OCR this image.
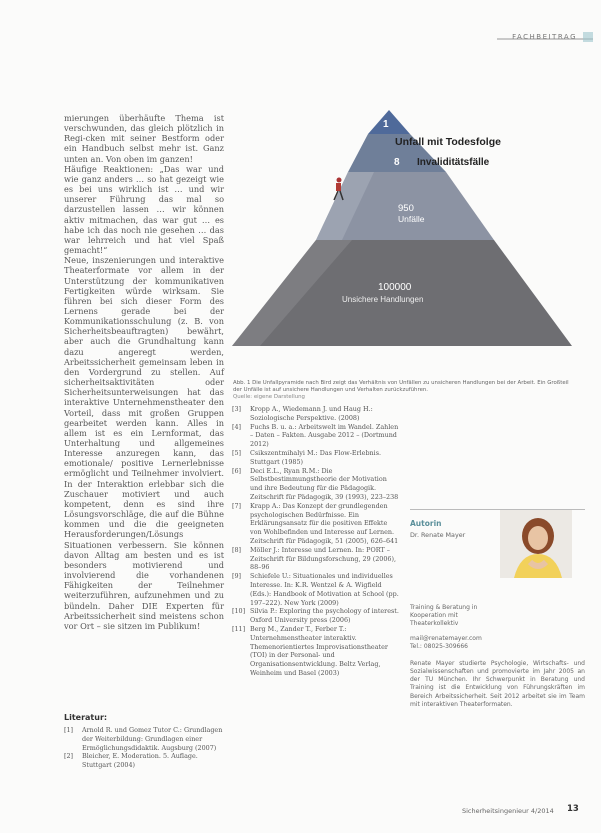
FACHBEITRAG

mierungen überhäufte Thema ist verschwunden, das gleich plötzlich in Regi-cken mit seiner Bestform oder ein Handbuch selbst mehr ist. Ganz unten an. Von oben im ganzen!

Häufige Reaktionen: „Das war und wie ganz anders … so hat gezeigt wie es bei uns wirklich ist … und wir unserer Führung das mal so darzustellen lassen … wir können aktiv mitmachen, das war gut … es habe ich das noch nie gesehen … das war lehrreich und hat viel Spaß gemacht!“

Neue, inszenierungen und interaktive Theaterformate vor allem in der Unterstützung der kommunikativen Fertigkeiten würde wirksam. Sie führen bei sich dieser Form des Lernens gerade bei der Kommunikationsschulung (z. B. von Sicherheitsbeauftragten) bewährt, aber auch die Grundhaltung kann dazu angeregt werden, Arbeitssicherheit gemeinsam leben in den Vordergrund zu stellen. Auf sicherheitsaktivitäten oder Sicherheitsunterweisungen hat das interaktive Unternehmenstheater den Vorteil, dass mit großen Gruppen gearbeitet werden kann. Alles in allem ist es ein Lernformat, das Unterhaltung und allgemeines Interesse anzuregen kann, das emotionale/ positive Lernerlebnisse ermöglicht und Teilnehmer involviert. In der Interaktion erlebbar sich die Zuschauer motiviert und auch kompetent, denn es sind ihre Lösungsvorschläge, die auf die Bühne kommen und die die geeigneten Herausforderungen/Lösungs Situationen verbessern. Sie können davon Alltag am besten und es ist besonders motivierend und involvierend die vorhandenen Fähigkeiten der Teilnehmer weiterzuführen, aufzunehmen und zu bündeln. Daher DIE Experten für Arbeitssicherheit sind meistens schon vor Ort – sie sitzen im Publikum!

1
Unfall mit Todesfolge
8 Invaliditätsfälle
950
Unfälle
100000
Unsichere Handlungen
Abb. 1 Die Unfallpyramide nach Bird zeigt das Verhältnis von Unfällen zu unsicheren Handlungen bei der Arbeit. Ein Großteil der Unfälle ist auf unsichere Handlungen und Verhalten zurückzuführen.
Quelle: eigene Darstellung
Literatur:
[1] Arnold R. und Gomez Tutor C.: Grundlagen der Weiterbildung: Grundlagen einer Ermöglichungsdidaktik. Augsburg (2007)
[2] Bleicher, E. Moderation. 5. Auflage. Stuttgart (2004)
[3] Kropp A., Wiedemann J. und Haug H.: Soziologische Perspektive. (2008)
[4] Fuchs B. u. a.: Arbeitswelt im Wandel. Zahlen – Daten – Fakten. Ausgabe 2012 – (Dortmund 2012)
[5] Csikszentmihalyi M.: Das Flow-Erlebnis. Stuttgart (1985)
[6] Deci E.L., Ryan R.M.: Die Selbstbestimmungstheorie der Motivation und ihre Bedeutung für die Pädagogik. Zeitschrift für Pädagogik, 39 (1993), 223–238
[7] Krapp A.: Das Konzept der grundlegenden psychologischen Bedürfnisse. Ein Erklärungsansatz für die positiven Effekte von Wohlbefinden und Interesse auf Lernen. Zeitschrift für Pädagogik, 51 (2005), 626–641
[8] Möller J.: Interesse und Lernen. In: PORT – Zeitschrift für Bildungsforschung, 29 (2006), 88–96
[9] Schiefele U.: Situationales und individuelles Interesse. In: K.R. Wentzel & A. Wigfield (Eds.): Handbook of Motivation at School (pp. 197–222). New York (2009)
[10] Silvia P.: Exploring the psychology of interest. Oxford University press (2006)
[11] Berg M., Zander T., Ferber T.: Unternehmenstheater interaktiv. Themenorientiertes Improvisationstheater (TOI) in der Personal- und Organisationsentwicklung. Beltz Verlag, Weinheim und Basel (2003)
Autorin
Dr. Renate Mayer
Training & Beratung in
Kooperation mit
Theaterkollektiv
mail@renatemayer.com
Tel.: 08025-309666
Renate Mayer studierte Psychologie, Wirtschafts- und Sozialwissenschaften und promovierte im Jahr 2005 an der TU München. Ihr Schwerpunkt in Beratung und Training ist die Entwicklung von Führungskräften im Bereich Arbeitssicherheit. Seit 2012 arbeitet sie im Team mit interaktiven Theaterformaten.
Sicherheitsingenieur 4/2014 13
